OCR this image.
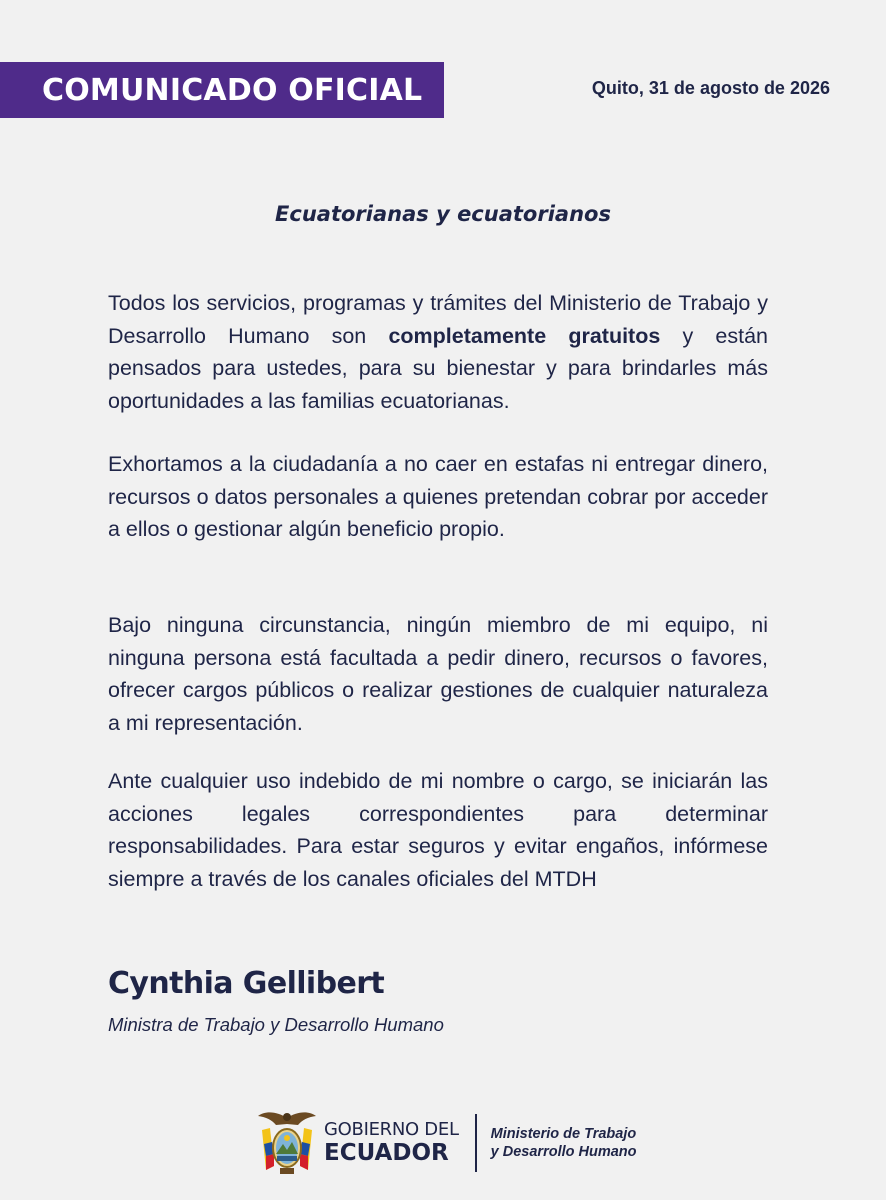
COMUNICADO OFICIAL	Quito, 31 de agosto de 2026
Ecuatorianas y ecuatorianos

Todos los servicios, programas y trámites del Ministerio de Trabajo y Desarrollo Humano son completamente gratuitos y están pensados para ustedes, para su bienestar y para brindarles más oportunidades a las familias ecuatorianas.

Exhortamos a la ciudadanía a no caer en estafas ni entregar dinero, recursos o datos personales a quienes pretendan cobrar por acceder a ellos o gestionar algún beneficio propio.

Bajo ninguna circunstancia, ningún miembro de mi equipo, ni ninguna persona está facultada a pedir dinero, recursos o favores, ofrecer cargos públicos o realizar gestiones de cualquier naturaleza a mi representación.

Ante cualquier uso indebido de mi nombre o cargo, se iniciarán las acciones legales correspondientes para determinar responsabilidades. Para estar seguros y evitar engaños, infórmese siempre a través de los canales oficiales del MTDH

Cynthia Gellibert
Ministra de Trabajo y Desarrollo Humano
GOBIERNO DEL
ECUADOR
Ministerio de Trabajo
y Desarrollo Humano
